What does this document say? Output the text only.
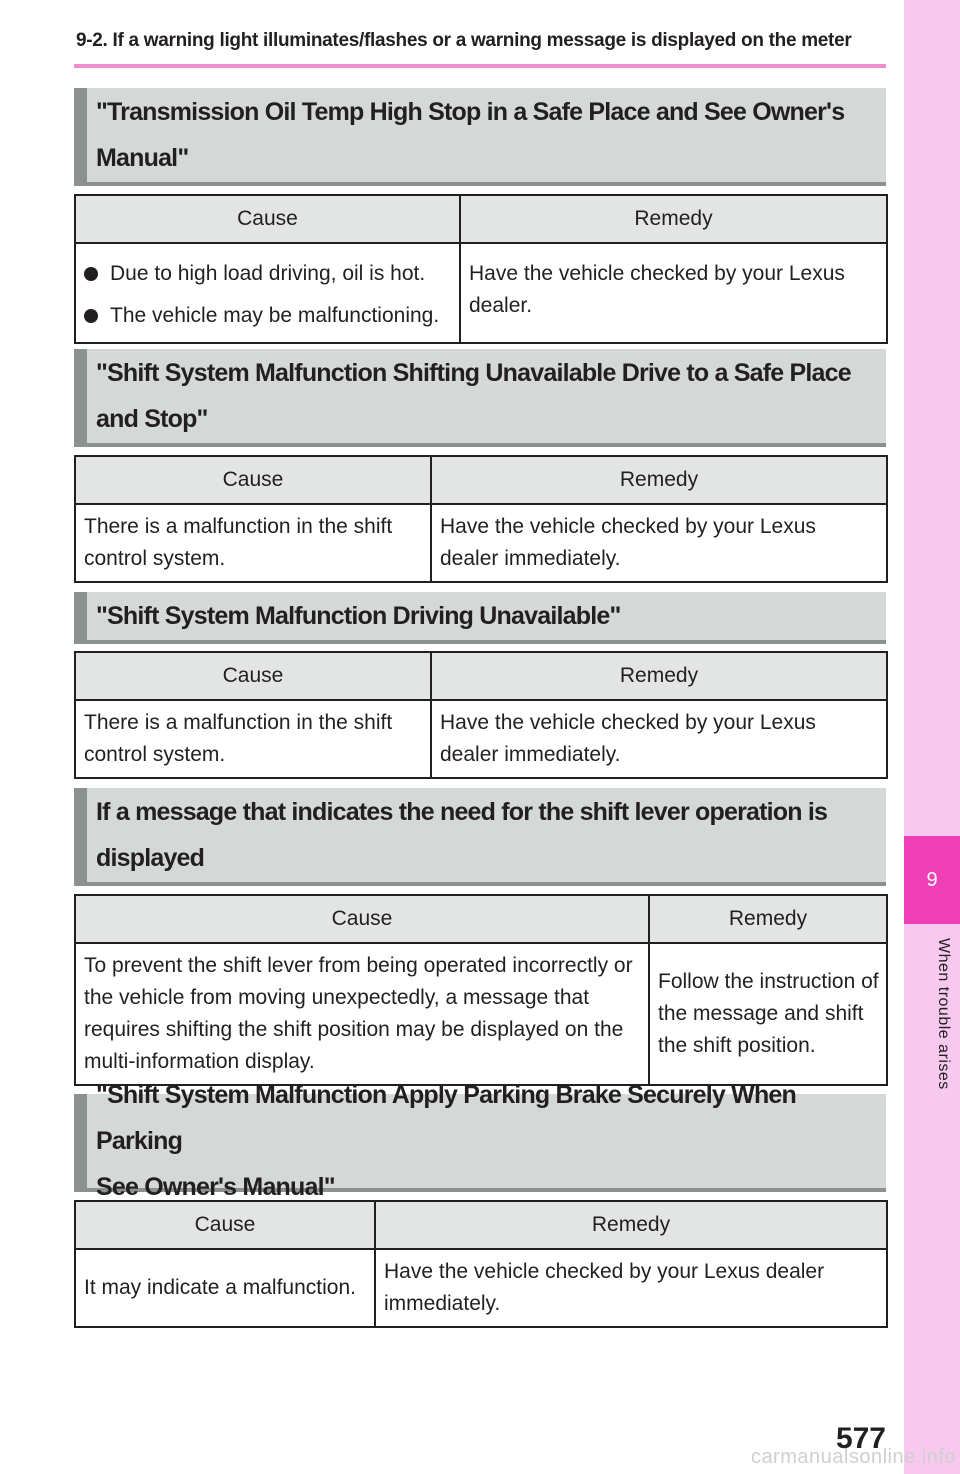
9-2. If a warning light illuminates/flashes or a warning message is displayed on the meter
9
When trouble arises
"Transmission Oil Temp High Stop in a Safe Place and See Owner's
Manual"
Cause	Remedy

Due to high load driving, oil is hot.
The vehicle may be malfunctioning.	Have the vehicle checked by your Lexus dealer.
"Shift System Malfunction Shifting Unavailable Drive to a Safe Place
and Stop"
Cause	Remedy
There is a malfunction in the shift control system.	Have the vehicle checked by your Lexus dealer immediately.
"Shift System Malfunction Driving Unavailable"
Cause	Remedy
There is a malfunction in the shift control system.	Have the vehicle checked by your Lexus dealer immediately.
If a message that indicates the need for the shift lever operation is
displayed
Cause	Remedy
To prevent the shift lever from being operated incorrectly or the vehicle from moving unexpectedly, a message that requires shifting the shift position may be displayed on the multi-information display.	Follow the instruction of the message and shift the shift position.
"Shift System Malfunction Apply Parking Brake Securely When Parking
See Owner's Manual"
Cause	Remedy
It may indicate a malfunction.	Have the vehicle checked by your Lexus dealer immediately.
577
carmanualsonline.info
